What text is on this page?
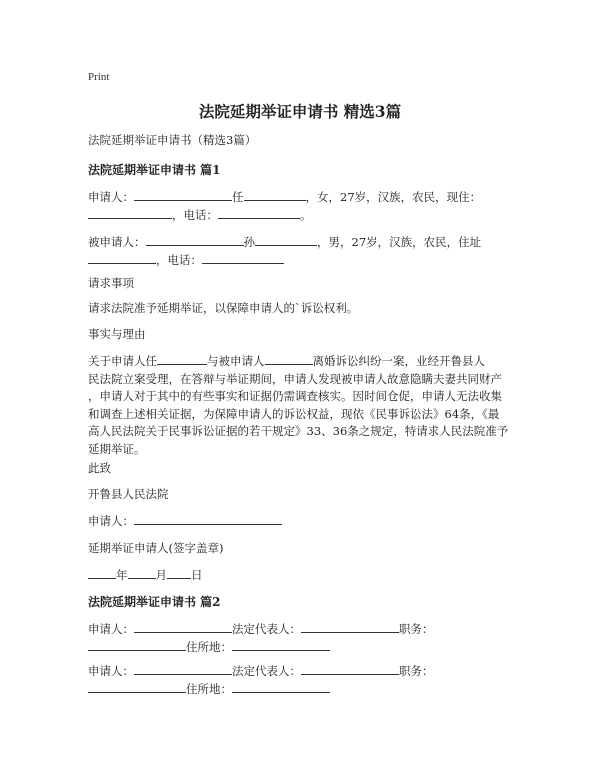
Print
法院延期举证申请书 精选3篇
法院延期举证申请书（精选3篇）
法院延期举证申请书 篇1
申请人：	任	，女，27岁，汉族，农民，现住：
，电话：	。
被申请人：	孙	，男，27岁，汉族，农民，住址
，电话：
请求事项
请求法院准予延期举证，以保障申请人的`诉讼权利。
事实与理由
关于申请人任	与被申请人	离婚诉讼纠纷一案，业经开鲁县人
民法院立案受理，在答辩与举证期间，申请人发现被申请人故意隐瞒夫妻共同财产
，申请人对于其中的有些事实和证据仍需调查核实。因时间仓促，申请人无法收集
和调查上述相关证据，为保障申请人的诉讼权益，现依《民事诉讼法》64条，《最
高人民法院关于民事诉讼证据的若干规定》33、36条之规定，特请求人民法院准予
延期举证。
此致
开鲁县人民法院
申请人：
延期举证申请人(签字盖章)
年 月 日
法院延期举证申请书 篇2
申请人：	法定代表人：	职务：
住所地：
申请人：	法定代表人：	职务：
住所地：
